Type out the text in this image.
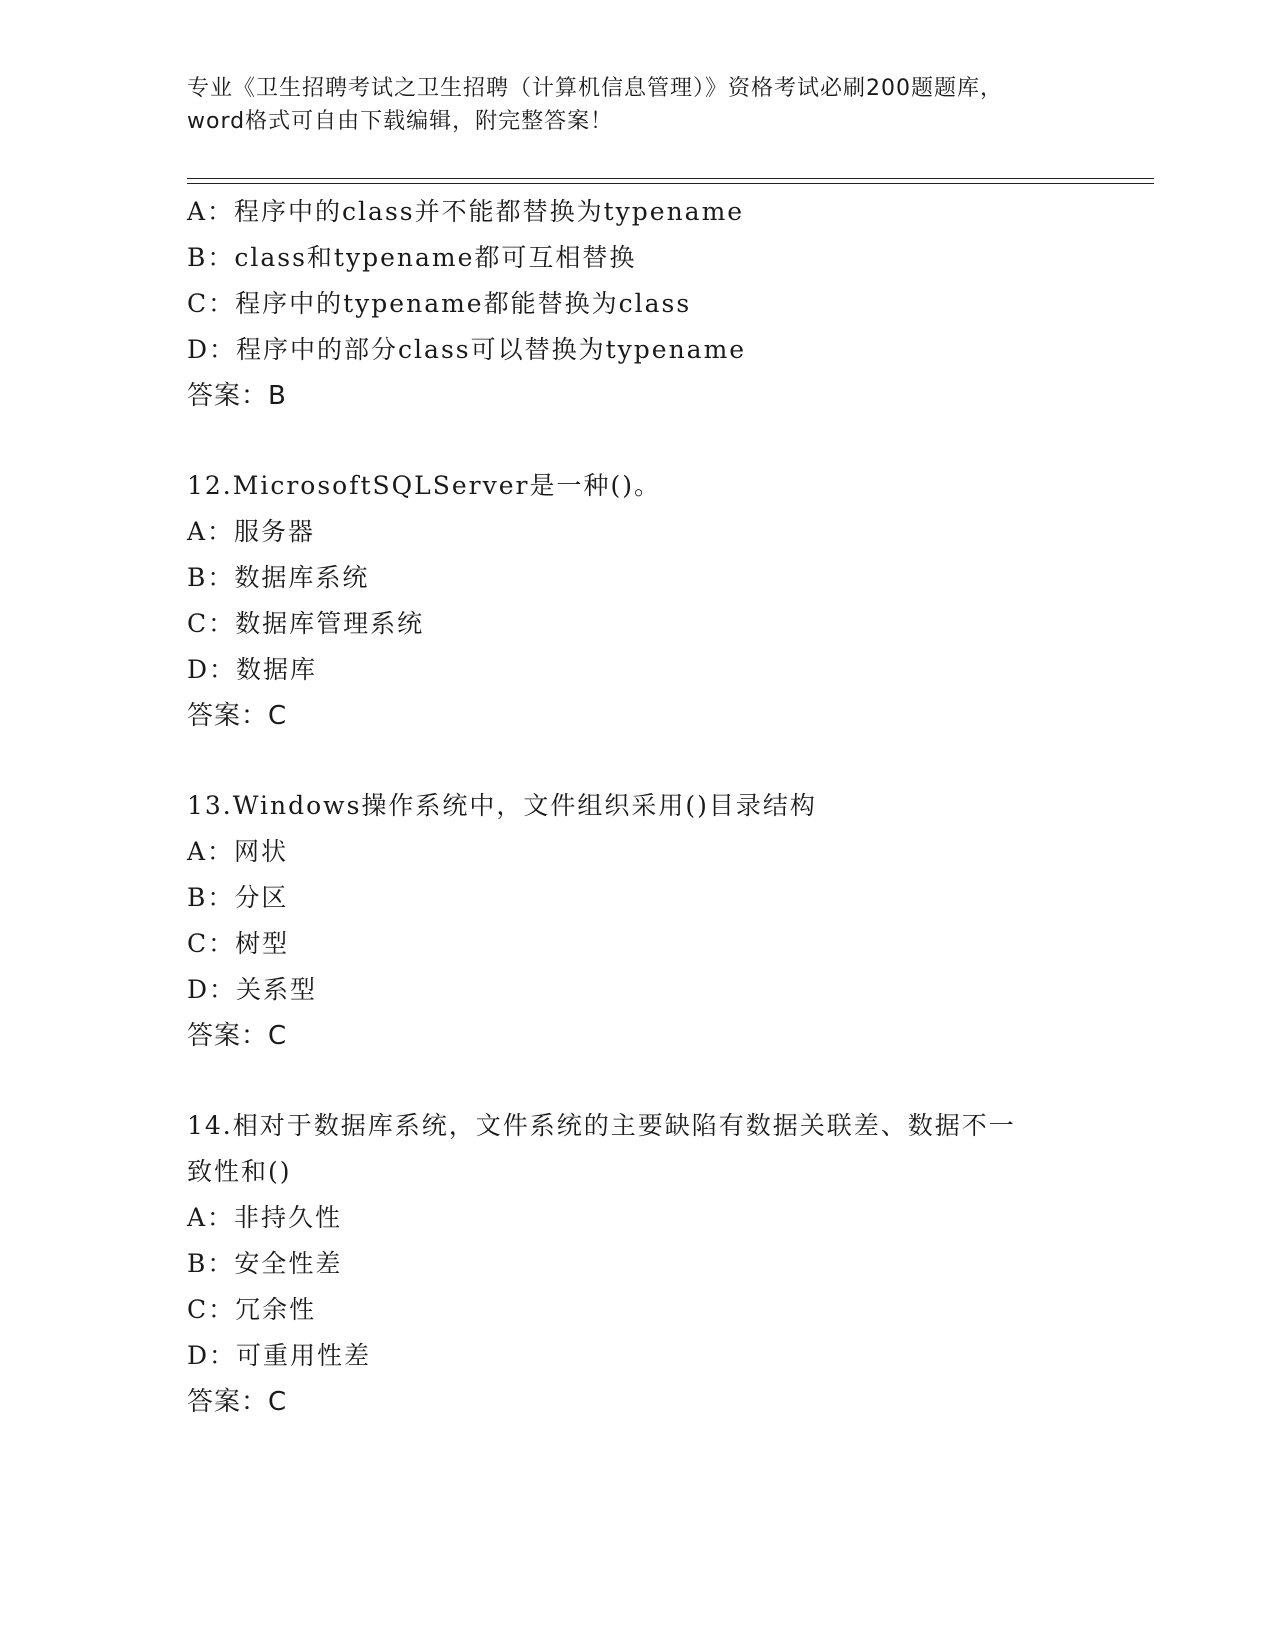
专业《卫生招聘考试之卫生招聘（计算机信息管理）》资格考试必刷200题题库，
word格式可自由下载编辑，附完整答案！
A：程序中的class并不能都替换为typename
B：class和typename都可互相替换
C：程序中的typename都能替换为class
D：程序中的部分class可以替换为typename
答案：B
12.MicrosoftSQLServer是一种()。
A：服务器
B：数据库系统
C：数据库管理系统
D：数据库
答案：C
13.Windows操作系统中，文件组织采用()目录结构
A：网状
B：分区
C：树型
D：关系型
答案：C
14.相对于数据库系统，文件系统的主要缺陷有数据关联差、数据不一
致性和()
A：非持久性
B：安全性差
C：冗余性
D：可重用性差
答案：C
